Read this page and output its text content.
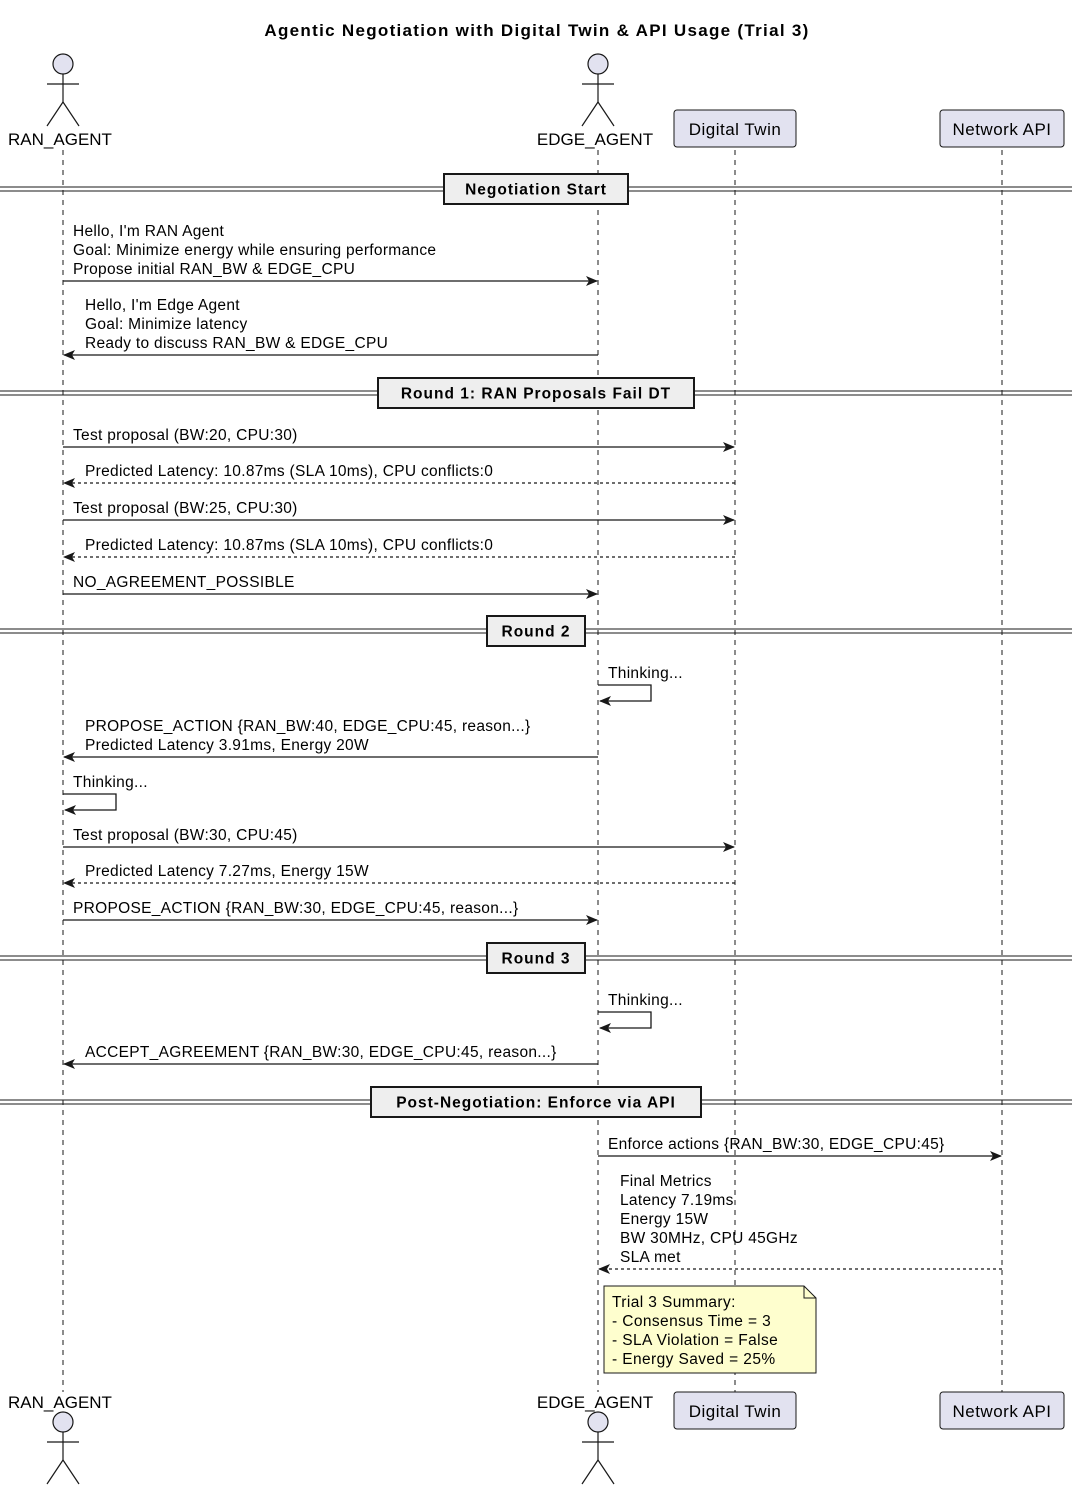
Agentic Negotiation with Digital Twin & API Usage (Trial 3)
RAN_AGENT	EDGE_AGENT
Digital Twin	Network API
RAN_AGENT	EDGE_AGENT Digital Twin	Network API
Negotiation Start
Round 1: RAN Proposals Fail DT
Round 2
Round 3
Post-Negotiation: Enforce via API
Hello, I'm RAN Agent
Goal: Minimize energy while ensuring performance
Propose initial RAN_BW & EDGE_CPU
Hello, I'm Edge Agent
Goal: Minimize latency
Ready to discuss RAN_BW & EDGE_CPU
Test proposal (BW:20, CPU:30)
Predicted Latency: 10.87ms (SLA 10ms), CPU conflicts:0
Test proposal (BW:25, CPU:30)
Predicted Latency: 10.87ms (SLA 10ms), CPU conflicts:0
NO_AGREEMENT_POSSIBLE
Thinking...
PROPOSE_ACTION {RAN_BW:40, EDGE_CPU:45, reason...}
Predicted Latency 3.91ms, Energy 20W
Thinking...
Test proposal (BW:30, CPU:45)
Predicted Latency 7.27ms, Energy 15W
PROPOSE_ACTION {RAN_BW:30, EDGE_CPU:45, reason...}
Thinking...
ACCEPT_AGREEMENT {RAN_BW:30, EDGE_CPU:45, reason...}
Enforce actions {RAN_BW:30, EDGE_CPU:45}
Final Metrics
Latency 7.19ms
Energy 15W
BW 30MHz, CPU 45GHz
SLA met
Trial 3 Summary:
- Consensus Time = 3
- SLA Violation = False
- Energy Saved = 25%
